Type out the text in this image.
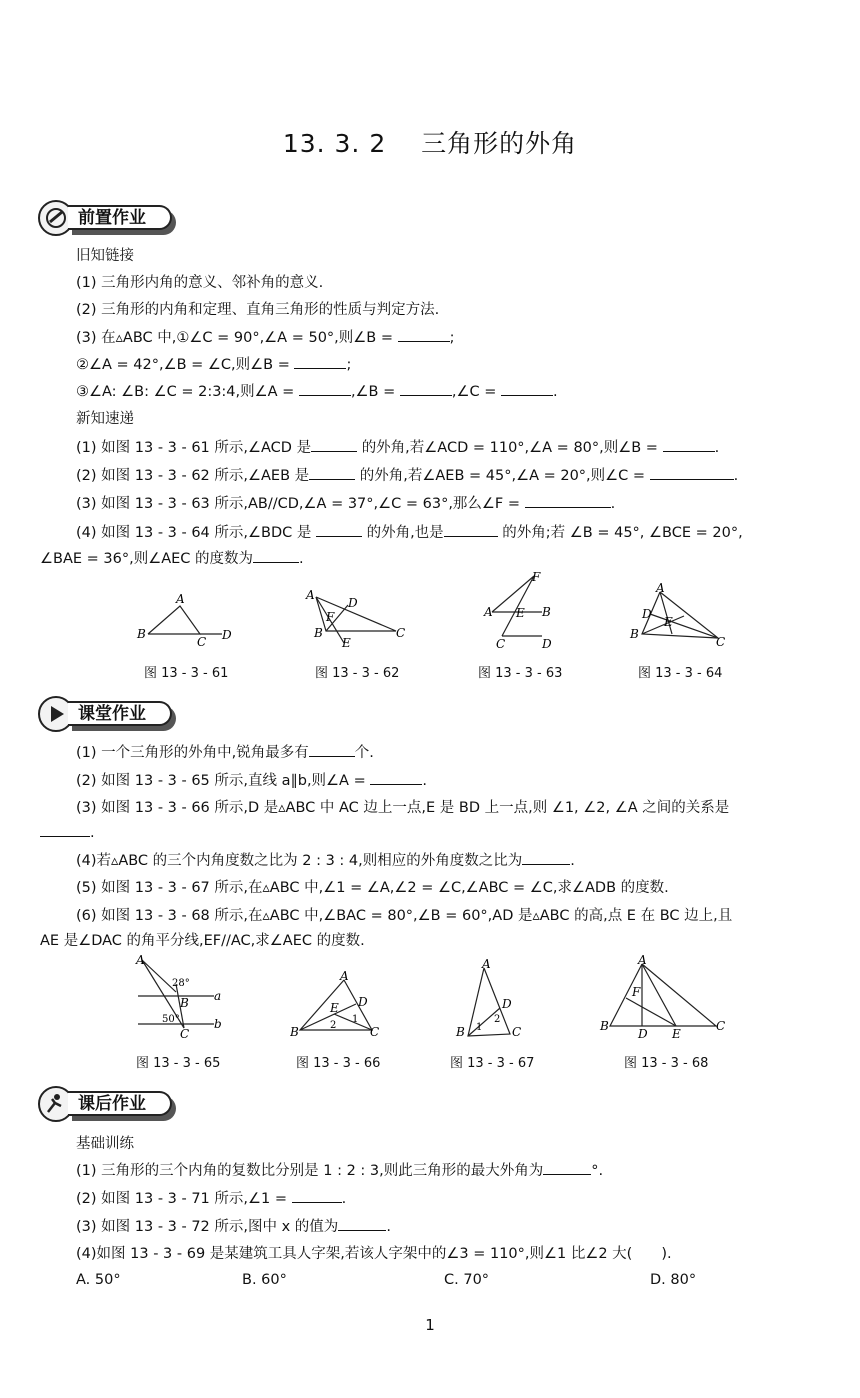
13. 3. 2　 三角形的外角
前置作业
旧知链接
(1) 三角形内角的意义、邻补角的意义.
(2) 三角形的内角和定理、直角三角形的性质与判定方法.
(3) 在▵ABC 中,①∠C = 90°,∠A = 50°,则∠B =	;
②∠A = 42°,∠B = ∠C,则∠B =	;
③∠A: ∠B: ∠C = 2:3:4,则∠A =	,∠B =	,∠C =	.
新知速递
(1) 如图 13 - 3 - 61 所示,∠ACD 是	的外角,若∠ACD = 110°,∠A = 80°,则∠B =	.
(2) 如图 13 - 3 - 62 所示,∠AEB 是	的外角,若∠AEB = 45°,∠A = 20°,则∠C =	.
(3) 如图 13 - 3 - 63 所示,AB//CD,∠A = 37°,∠C = 63°,那么∠F =	.
(4) 如图 13 - 3 - 64 所示,∠BDC 是	的外角,也是	的外角;若 ∠B = 45°, ∠BCE = 20°,
∠BAE = 36°,则∠AEC 的度数为	.
A
B
C D
A
D
F
B
E
C
F
A E B
C	D
A
D
E
B
C
图 13 - 3 - 61	图 13 - 3 - 62	图 13 - 3 - 63	图 13 - 3 - 64
课堂作业
(1) 一个三角形的外角中,锐角最多有	个.
(2) 如图 13 - 3 - 65 所示,直线 a∥b,则∠A =	.
(3) 如图 13 - 3 - 66 所示,D 是▵ABC 中 AC 边上一点,E 是 BD 上一点,则 ∠1, ∠2, ∠A 之间的关系是
.
(4)若▵ABC 的三个内角度数之比为 2 : 3 : 4,则相应的外角度数之比为	.
(5) 如图 13 - 3 - 67 所示,在▵ABC 中,∠1 = ∠A,∠2 = ∠C,∠ABC = ∠C,求∠ADB 的度数.
(6) 如图 13 - 3 - 68 所示,在▵ABC 中,∠BAC = 80°,∠B = 60°,AD 是▵ABC 的高,点 E 在 BC 边上,且
AE 是∠DAC 的角平分线,EF//AC,求∠AEC 的度数.
A
B
C
a
b
28°
50°
A
D
E
B	C
1
2
A
D
B	C
1
2
A
F
B
D E
C
图 13 - 3 - 65	图 13 - 3 - 66	图 13 - 3 - 67	图 13 - 3 - 68
课后作业
基础训练
(1) 三角形的三个内角的复数比分别是 1 : 2 : 3,则此三角形的最大外角为	°.
(2) 如图 13 - 3 - 71 所示,∠1 =	.
(3) 如图 13 - 3 - 72 所示,图中 x 的值为	.
(4)如图 13 - 3 - 69 是某建筑工具人字架,若该人字架中的∠3 = 110°,则∠1 比∠2 大(　　).
A. 50°	B. 60°	C. 70°	D. 80°
1
